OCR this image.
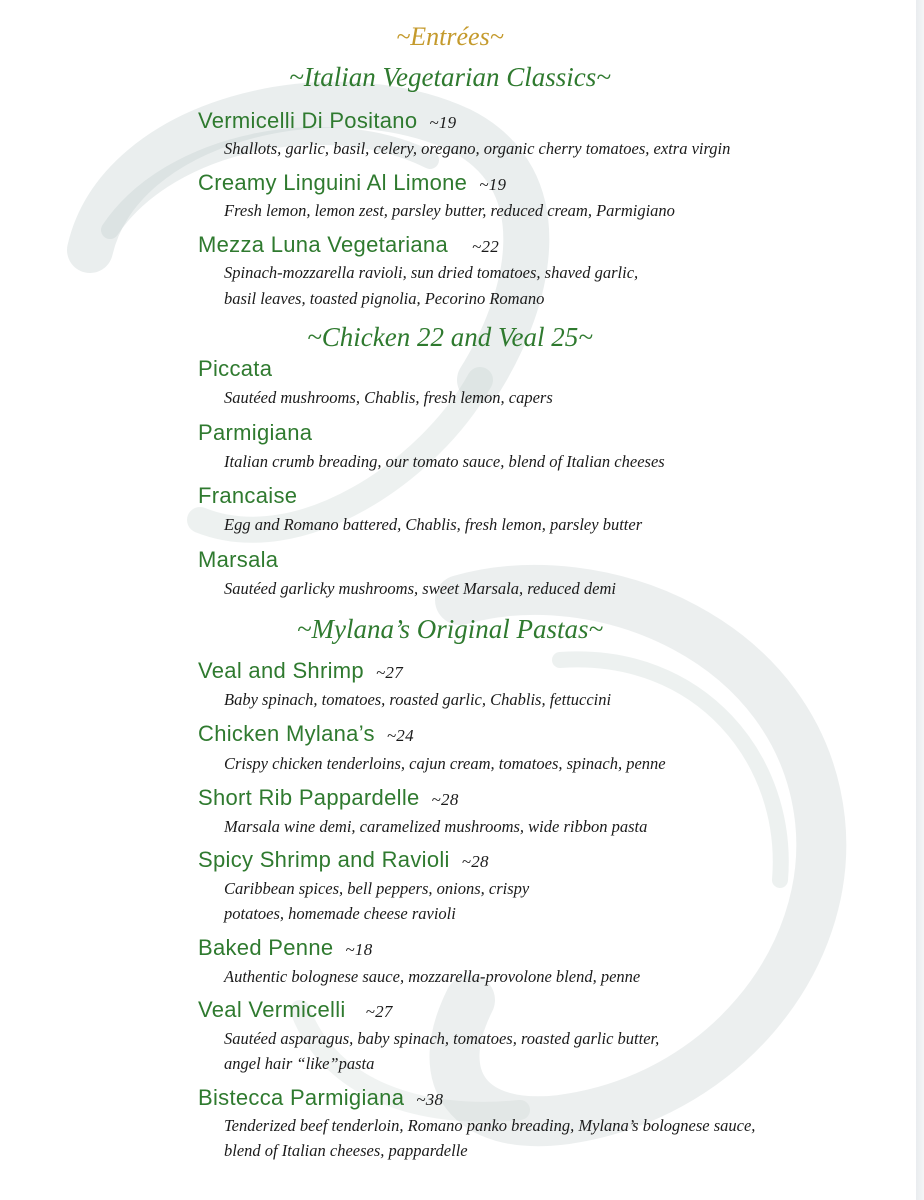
~Entrées~
~Italian Vegetarian Classics~
Vermicelli Di Positano ~19
Shallots, garlic, basil, celery, oregano, organic cherry tomatoes, extra virgin
Creamy Linguini Al Limone ~19
Fresh lemon, lemon zest, parsley butter, reduced cream, Parmigiano
Mezza Luna Vegetariana ~22
Spinach-mozzarella ravioli, sun dried tomatoes, shaved garlic,
basil leaves, toasted pignolia, Pecorino Romano
~Chicken 22 and Veal 25~
Piccata
Sautéed mushrooms, Chablis, fresh lemon, capers
Parmigiana
Italian crumb breading, our tomato sauce, blend of Italian cheeses
Francaise
Egg and Romano battered, Chablis, fresh lemon, parsley butter
Marsala
Sautéed garlicky mushrooms, sweet Marsala, reduced demi
~Mylana’s Original Pastas~
Veal and Shrimp ~27
Baby spinach, tomatoes, roasted garlic, Chablis, fettuccini
Chicken Mylana’s ~24
Crispy chicken tenderloins, cajun cream, tomatoes, spinach, penne
Short Rib Pappardelle ~28
Marsala wine demi, caramelized mushrooms, wide ribbon pasta
Spicy Shrimp and Ravioli ~28
Caribbean spices, bell peppers, onions, crispy
potatoes, homemade cheese ravioli
Baked Penne ~18
Authentic bolognese sauce, mozzarella-provolone blend, penne
Veal Vermicelli ~27
Sautéed asparagus, baby spinach, tomatoes, roasted garlic butter,
angel hair “like”pasta
Bistecca Parmigiana ~38
Tenderized beef tenderloin, Romano panko breading, Mylana’s bolognese sauce,
blend of Italian cheeses, pappardelle
